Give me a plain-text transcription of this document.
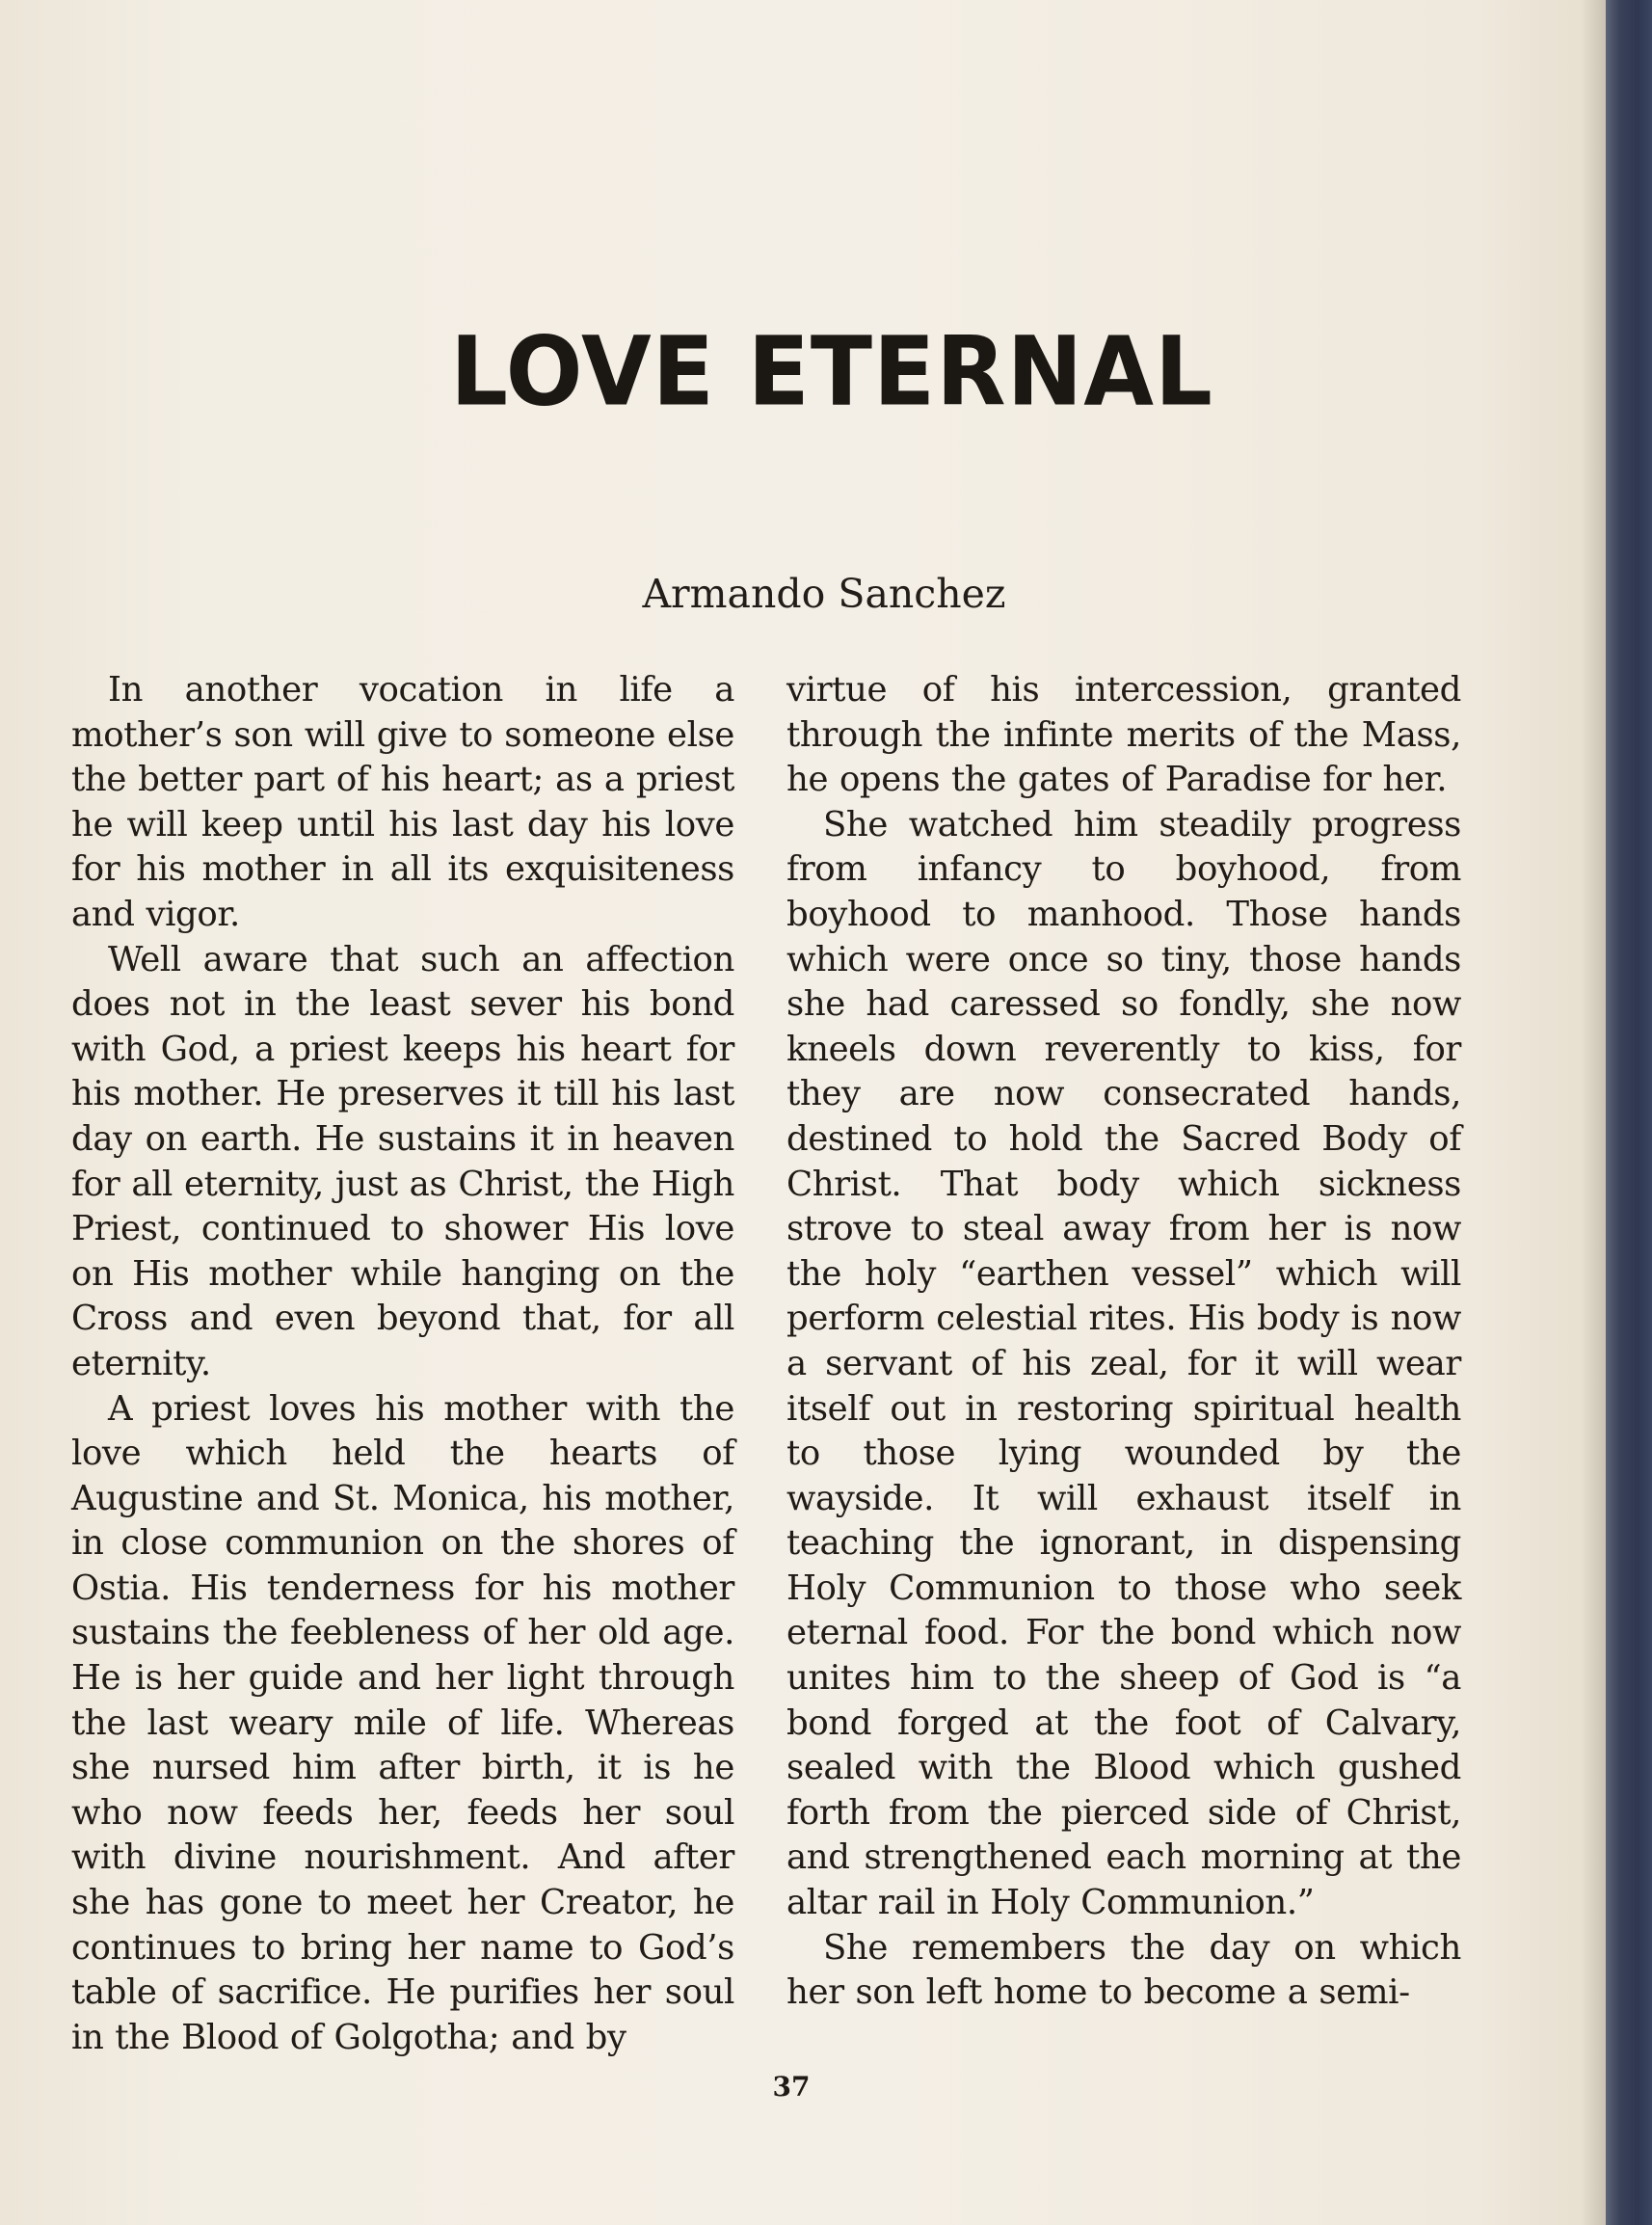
LOVE ETERNAL
Armando Sanchez

In another vocation in life a mother’s son will give to someone else the better part of his heart; as a priest he will keep until his last day his love for his mother in all its exquisiteness and vigor.

Well aware that such an affection does not in the least sever his bond with God, a priest keeps his heart for his mother. He preserves it till his last day on earth. He sustains it in heaven for all eternity, just as Christ, the High Priest, continued to shower His love on His mother while hanging on the Cross and even beyond that, for all eternity.

A priest loves his mother with the love which held the hearts of Augustine and St. Monica, his mother, in close communion on the shores of Ostia. His tenderness for his mother sustains the feebleness of her old age. He is her guide and her light through the last weary mile of life. Whereas she nursed him after birth, it is he who now feeds her, feeds her soul with divine nourishment. And after she has gone to meet her Creator, he continues to bring her name to God’s table of sacrifice. He purifies her soul in the Blood of Golgotha; and by

virtue of his intercession, granted through the infinte merits of the Mass, he opens the gates of Paradise for her.

She watched him steadily progress from infancy to boyhood, from boyhood to manhood. Those hands which were once so tiny, those hands she had caressed so fondly, she now kneels down reverently to kiss, for they are now consecrated hands, destined to hold the Sacred Body of Christ. That body which sickness strove to steal away from her is now the holy “earthen vessel” which will perform celestial rites. His body is now a servant of his zeal, for it will wear itself out in restoring spiritual health to those lying wounded by the wayside. It will exhaust itself in teaching the ignorant, in dispensing Holy Communion to those who seek eternal food. For the bond which now unites him to the sheep of God is “a bond forged at the foot of Calvary, sealed with the Blood which gushed forth from the pierced side of Christ, and strengthened each morning at the altar rail in Holy Communion.”

She remembers the day on which her son left home to become a semi-

37
